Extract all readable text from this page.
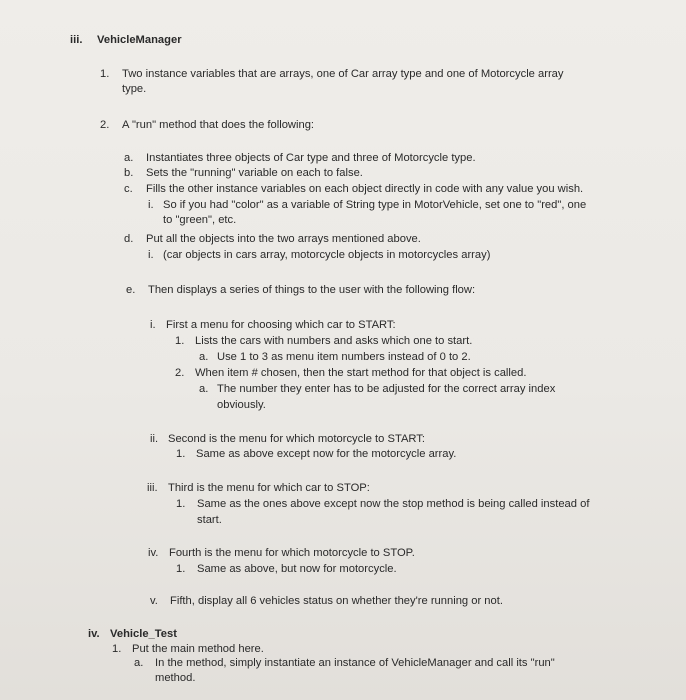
iii. VehicleManager
1. Two instance variables that are arrays, one of Car array type and one of Motorcycle array
type.
2. A "run" method that does the following:
a. Instantiates three objects of Car type and three of Motorcycle type.
b. Sets the "running" variable on each to false.
c. Fills the other instance variables on each object directly in code with any value you wish.
i. So if you had "color" as a variable of String type in MotorVehicle, set one to "red", one
to "green", etc.
d. Put all the objects into the two arrays mentioned above.
i. (car objects in cars array, motorcycle objects in motorcycles array)
e. Then displays a series of things to the user with the following flow:
i. First a menu for choosing which car to START:
1. Lists the cars with numbers and asks which one to start.
a. Use 1 to 3 as menu item numbers instead of 0 to 2.
2. When item # chosen, then the start method for that object is called.
a. The number they enter has to be adjusted for the correct array index
obviously.
ii. Second is the menu for which motorcycle to START:
1. Same as above except now for the motorcycle array.
iii. Third is the menu for which car to STOP:
1. Same as the ones above except now the stop method is being called instead of
start.
iv. Fourth is the menu for which motorcycle to STOP.
1. Same as above, but now for motorcycle.
v. Fifth, display all 6 vehicles status on whether they're running or not.
iv. Vehicle_Test
1. Put the main method here.
a. In the method, simply instantiate an instance of VehicleManager and call its "run"
method.
